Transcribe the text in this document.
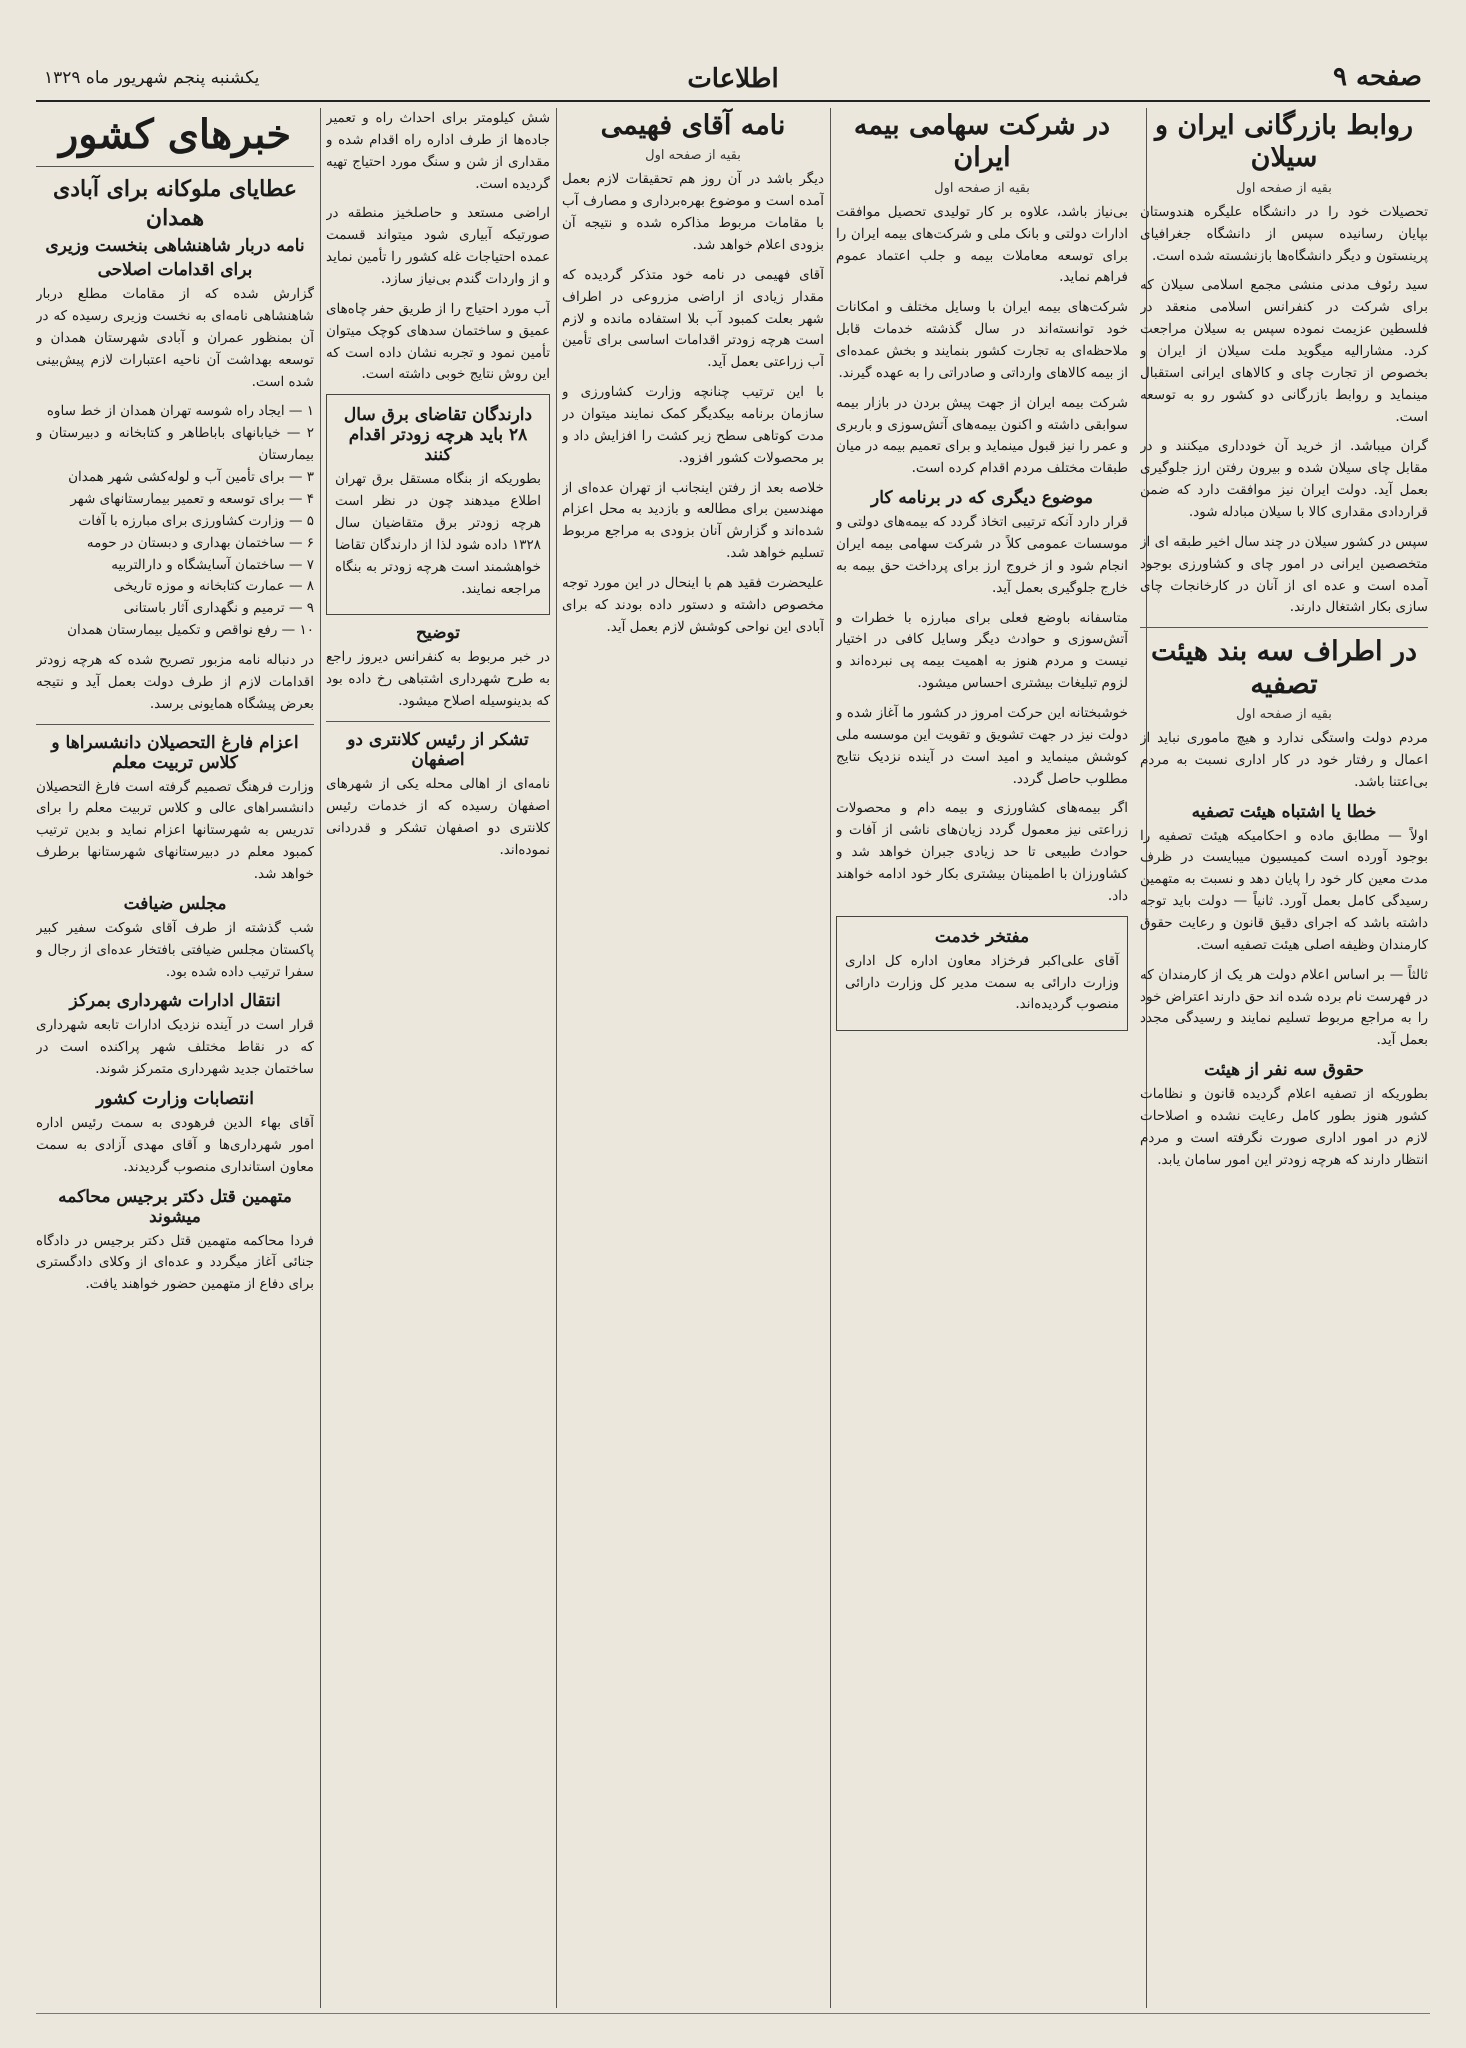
صفحه ۹
اطلاعات
یکشنبه پنجم شهریور ماه ۱۳۲۹
روابط بازرگانی ایران و سیلان
بقیه از صفحه اول

تحصیلات خود را در دانشگاه علیگره هندوستان بپایان رسانیده سپس از دانشگاه جغرافیای پرینستون و دیگر دانشگاه‌ها بازنشسته شده است.

سید رئوف مدنی منشی مجمع اسلامی سیلان که برای شرکت در کنفرانس اسلامی منعقد در فلسطین عزیمت نموده سپس به سیلان مراجعت کرد. مشارالیه میگوید ملت سیلان از ایران و بخصوص از تجارت چای و کالاهای ایرانی استقبال مینماید و روابط بازرگانی دو کشور رو به توسعه است.

گران میباشد. از خرید آن خودداری میکنند و در مقابل چای سیلان شده و بیرون رفتن ارز جلوگیری بعمل آید. دولت ایران نیز موافقت دارد که ضمن قراردادی مقداری کالا با سیلان مبادله شود.

سپس در کشور سیلان در چند سال اخیر طبقه ای از متخصصین ایرانی در امور چای و کشاورزی بوجود آمده است و عده ای از آنان در کارخانجات چای سازی بکار اشتغال دارند.

در اطراف سه بند هیئت تصفیه
بقیه از صفحه اول

مردم دولت واستگی ندارد و هیچ ماموری نباید از اعمال و رفتار خود در کار اداری نسبت به مردم بی‌اعتنا باشد.

خطا یا اشتباه هیئت تصفیه

اولاً — مطابق ماده و احکامیکه هیئت تصفیه را بوجود آورده است کمیسیون میبایست در ظرف مدت معین کار خود را پایان دهد و نسبت به متهمین رسیدگی کامل بعمل آورد. ثانیاً — دولت باید توجه داشته باشد که اجرای دقیق قانون و رعایت حقوق کارمندان وظیفه اصلی هیئت تصفیه است.

ثالثاً — بر اساس اعلام دولت هر یک از کارمندان که در فهرست نام برده شده اند حق دارند اعتراض خود را به مراجع مربوط تسلیم نمایند و رسیدگی مجدد بعمل آید.

حقوق سه نفر از هیئت

بطوریکه از تصفیه اعلام گردیده قانون و نظامات کشور هنوز بطور کامل رعایت نشده و اصلاحات لازم در امور اداری صورت نگرفته است و مردم انتظار دارند که هرچه زودتر این امور سامان یابد.

در شرکت سهامی بیمه ایران
بقیه از صفحه اول

بی‌نیاز باشد، علاوه بر کار تولیدی تحصیل موافقت ادارات دولتی و بانک ملی و شرکت‌های بیمه ایران را برای توسعه معاملات بیمه و جلب اعتماد عموم فراهم نماید.

شرکت‌های بیمه ایران با وسایل مختلف و امکانات خود توانسته‌اند در سال گذشته خدمات قابل ملاحظه‌ای به تجارت کشور بنمایند و بخش عمده‌ای از بیمه کالاهای وارداتی و صادراتی را به عهده گیرند.

شرکت بیمه ایران از جهت پیش بردن در بازار بیمه سوابقی داشته و اکنون بیمه‌های آتش‌سوزی و باربری و عمر را نیز قبول مینماید و برای تعمیم بیمه در میان طبقات مختلف مردم اقدام کرده است.

موضوع دیگری که در برنامه کار

قرار دارد آنکه ترتیبی اتخاذ گردد که بیمه‌های دولتی و موسسات عمومی کلاً در شرکت سهامی بیمه ایران انجام شود و از خروج ارز برای پرداخت حق بیمه به خارج جلوگیری بعمل آید.

متاسفانه باوضع فعلی برای مبارزه با خطرات و آتش‌سوزی و حوادث دیگر وسایل کافی در اختیار نیست و مردم هنوز به اهمیت بیمه پی نبرده‌اند و لزوم تبلیغات بیشتری احساس میشود.

خوشبختانه این حرکت امروز در کشور ما آغاز شده و دولت نیز در جهت تشویق و تقویت این موسسه ملی کوشش مینماید و امید است در آینده نزدیک نتایج مطلوب حاصل گردد.

اگر بیمه‌های کشاورزی و بیمه دام و محصولات زراعتی نیز معمول گردد زیان‌های ناشی از آفات و حوادث طبیعی تا حد زیادی جبران خواهد شد و کشاورزان با اطمینان بیشتری بکار خود ادامه خواهند داد.

مفتخر خدمت

آقای علی‌اکبر فرخزاد معاون اداره کل اداری وزارت دارائی به سمت مدیر کل وزارت دارائی منصوب گردیده‌اند.

نامه آقای فهیمی
بقیه از صفحه اول

دیگر باشد در آن روز هم تحقیقات لازم بعمل آمده است و موضوع بهره‌برداری و مصارف آب با مقامات مربوط مذاکره شده و نتیجه آن بزودی اعلام خواهد شد.

آقای فهیمی در نامه خود متذکر گردیده که مقدار زیادی از اراضی مزروعی در اطراف شهر بعلت کمبود آب بلا استفاده مانده و لازم است هرچه زودتر اقدامات اساسی برای تأمین آب زراعتی بعمل آید.

با این ترتیب چنانچه وزارت کشاورزی و سازمان برنامه بیکدیگر کمک نمایند میتوان در مدت کوتاهی سطح زیر کشت را افزایش داد و بر محصولات کشور افزود.

خلاصه بعد از رفتن اینجانب از تهران عده‌ای از مهندسین برای مطالعه و بازدید به محل اعزام شده‌اند و گزارش آنان بزودی به مراجع مربوط تسلیم خواهد شد.

علیحضرت فقید هم با اینحال در این مورد توجه مخصوص داشته و دستور داده بودند که برای آبادی این نواحی کوشش لازم بعمل آید.

شش کیلومتر برای احداث راه و تعمیر جاده‌ها از طرف اداره راه اقدام شده و مقداری از شن و سنگ مورد احتیاج تهیه گردیده است.

اراضی مستعد و حاصلخیز منطقه در صورتیکه آبیاری شود میتواند قسمت عمده احتیاجات غله کشور را تأمین نماید و از واردات گندم بی‌نیاز سازد.

آب مورد احتیاج را از طریق حفر چاه‌های عمیق و ساختمان سدهای کوچک میتوان تأمین نمود و تجربه نشان داده است که این روش نتایج خوبی داشته است.

دارندگان تقاضای برق سال ۲۸ باید هرچه زودتر اقدام کنند

بطوریکه از بنگاه مستقل برق تهران اطلاع میدهند چون در نظر است هرچه زودتر برق متقاضیان سال ۱۳۲۸ داده شود لذا از دارندگان تقاضا خواهشمند است هرچه زودتر به بنگاه مراجعه نمایند.

توضیح

در خبر مربوط به کنفرانس دیروز راجع به طرح شهرداری اشتباهی رخ داده بود که بدینوسیله اصلاح میشود.

تشکر از رئیس کلانتری دو اصفهان

نامه‌ای از اهالی محله یکی از شهرهای اصفهان رسیده که از خدمات رئیس کلانتری دو اصفهان تشکر و قدردانی نموده‌اند.

خبرهای کشور
عطایای ملوکانه برای آبادی همدان
نامه دربار شاهنشاهی بنخست وزیری
برای اقدامات اصلاحی

گزارش شده که از مقامات مطلع دربار شاهنشاهی نامه‌ای به نخست وزیری رسیده که در آن بمنظور عمران و آبادی شهرستان همدان و توسعه بهداشت آن ناحیه اعتبارات لازم پیش‌بینی شده است.

۱ — ایجاد راه شوسه تهران همدان از خط ساوه
۲ — خیابانهای باباطاهر و کتابخانه و دبیرستان و بیمارستان
۳ — برای تأمین آب و لوله‌کشی شهر همدان
۴ — برای توسعه و تعمیر بیمارستانهای شهر
۵ — وزارت کشاورزی برای مبارزه با آفات
۶ — ساختمان بهداری و دبستان در حومه
۷ — ساختمان آسایشگاه و دارالتربیه
۸ — عمارت کتابخانه و موزه تاریخی
۹ — ترمیم و نگهداری آثار باستانی
۱۰ — رفع نواقص و تکمیل بیمارستان همدان

در دنباله نامه مزبور تصریح شده که هرچه زودتر اقدامات لازم از طرف دولت بعمل آید و نتیجه بعرض پیشگاه همایونی برسد.

اعزام فارغ التحصیلان دانشسراها و کلاس تربیت معلم

وزارت فرهنگ تصمیم گرفته است فارغ التحصیلان دانشسراهای عالی و کلاس تربیت معلم را برای تدریس به شهرستانها اعزام نماید و بدین ترتیب کمبود معلم در دبیرستانهای شهرستانها برطرف خواهد شد.

مجلس ضیافت

شب گذشته از طرف آقای شوکت سفیر کبیر پاکستان مجلس ضیافتی بافتخار عده‌ای از رجال و سفرا ترتیب داده شده بود.

انتقال ادارات شهرداری بمرکز

قرار است در آینده نزدیک ادارات تابعه شهرداری که در نقاط مختلف شهر پراکنده است در ساختمان جدید شهرداری متمرکز شوند.

انتصابات وزارت کشور

آقای بهاء الدین فرهودی به سمت رئیس اداره امور شهرداری‌ها و آقای مهدی آزادی به سمت معاون استانداری منصوب گردیدند.

متهمین قتل دکتر برجیس محاکمه میشوند

فردا محاکمه متهمین قتل دکتر برجیس در دادگاه جنائی آغاز میگردد و عده‌ای از وکلای دادگستری برای دفاع از متهمین حضور خواهند یافت.
